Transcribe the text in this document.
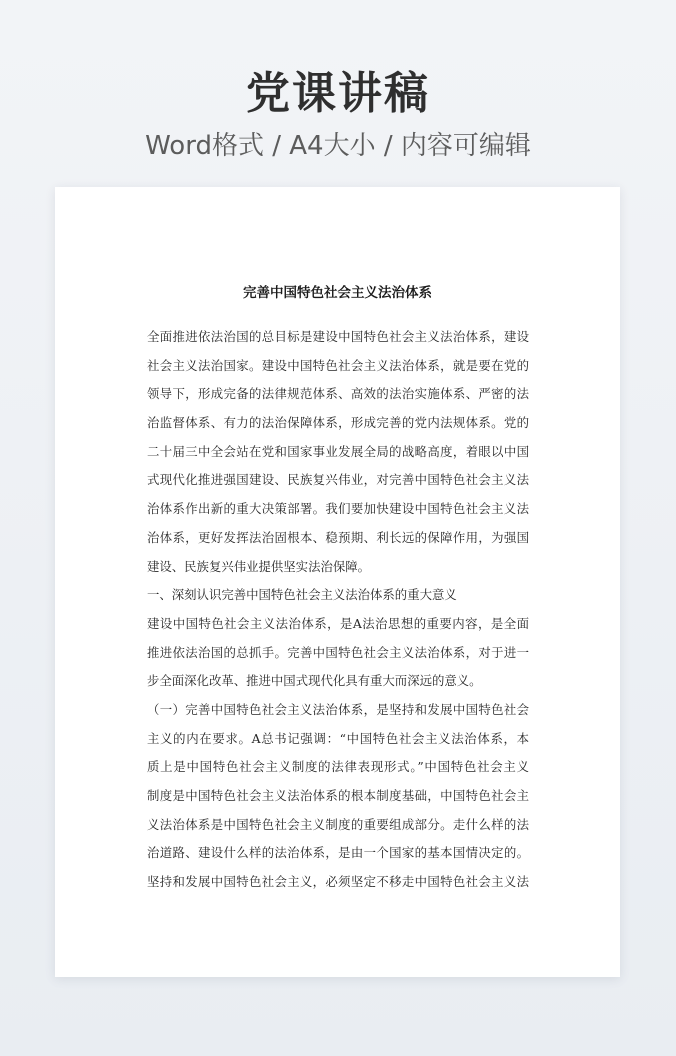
党课讲稿
Word格式 / A4大小 / 内容可编辑
完善中国特色社会主义法治体系
全面推进依法治国的总目标是建设中国特色社会主义法治体系，建设
社会主义法治国家。建设中国特色社会主义法治体系，就是要在党的
领导下，形成完备的法律规范体系、高效的法治实施体系、严密的法
治监督体系、有力的法治保障体系，形成完善的党内法规体系。党的
二十届三中全会站在党和国家事业发展全局的战略高度，着眼以中国
式现代化推进强国建设、民族复兴伟业，对完善中国特色社会主义法
治体系作出新的重大决策部署。我们要加快建设中国特色社会主义法
治体系，更好发挥法治固根本、稳预期、利长远的保障作用，为强国
建设、民族复兴伟业提供坚实法治保障。
一、深刻认识完善中国特色社会主义法治体系的重大意义
建设中国特色社会主义法治体系，是A法治思想的重要内容，是全面
推进依法治国的总抓手。完善中国特色社会主义法治体系，对于进一
步全面深化改革、推进中国式现代化具有重大而深远的意义。
（一）完善中国特色社会主义法治体系，是坚持和发展中国特色社会
主义的内在要求。A总书记强调：“中国特色社会主义法治体系，本
质上是中国特色社会主义制度的法律表现形式。”中国特色社会主义
制度是中国特色社会主义法治体系的根本制度基础，中国特色社会主
义法治体系是中国特色社会主义制度的重要组成部分。走什么样的法
治道路、建设什么样的法治体系，是由一个国家的基本国情决定的。
坚持和发展中国特色社会主义，必须坚定不移走中国特色社会主义法
